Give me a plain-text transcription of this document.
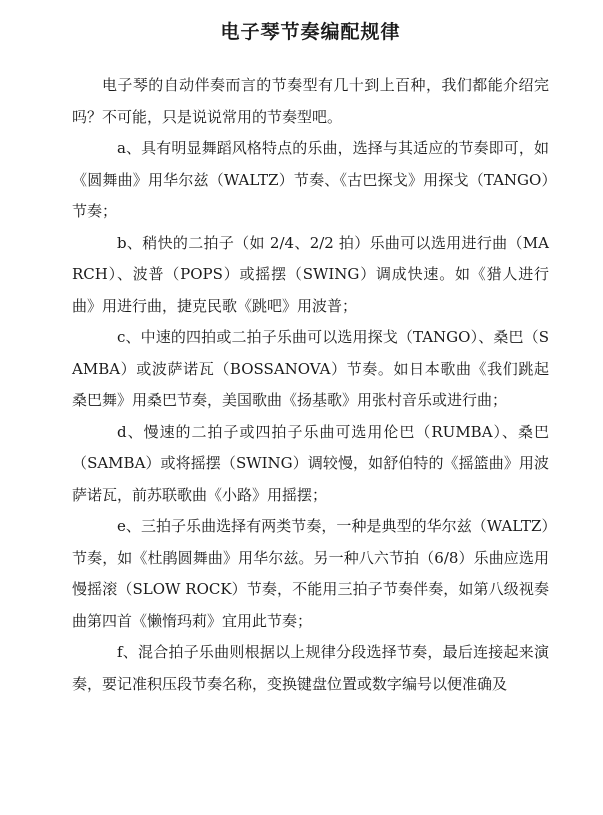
电子琴节奏编配规律

电子琴的自动伴奏而言的节奏型有几十到上百种，我们都能介绍完吗？不可能，只是说说常用的节奏型吧。

a、具有明显舞蹈风格特点的乐曲，选择与其适应的节奏即可，如《圆舞曲》用华尔兹（WALTZ）节奏、《古巴探戈》用探戈（TANGO）节奏；

b、稍快的二拍子（如 2/4、2/2 拍）乐曲可以选用进行曲（MARCH）、波普（POPS）或摇摆（SWING）调成快速。如《猎人进行曲》用进行曲，捷克民歌《跳吧》用波普；

c、中速的四拍或二拍子乐曲可以选用探戈（TANGO）、桑巴（SAMBA）或波萨诺瓦（BOSSANOVA）节奏。如日本歌曲《我们跳起桑巴舞》用桑巴节奏，美国歌曲《扬基歌》用张村音乐或进行曲；

d、慢速的二拍子或四拍子乐曲可选用伦巴（RUMBA）、桑巴（SAMBA）或将摇摆（SWING）调较慢，如舒伯特的《摇篮曲》用波萨诺瓦，前苏联歌曲《小路》用摇摆；

e、三拍子乐曲选择有两类节奏，一种是典型的华尔兹（WALTZ）节奏，如《杜鹃圆舞曲》用华尔兹。另一种八六节拍（6/8）乐曲应选用慢摇滚（SLOW ROCK）节奏，不能用三拍子节奏伴奏，如第八级视奏曲第四首《懒惰玛莉》宜用此节奏；

f、混合拍子乐曲则根据以上规律分段选择节奏，最后连接起来演奏，要记准积压段节奏名称，变换键盘位置或数字编号以便准确及
